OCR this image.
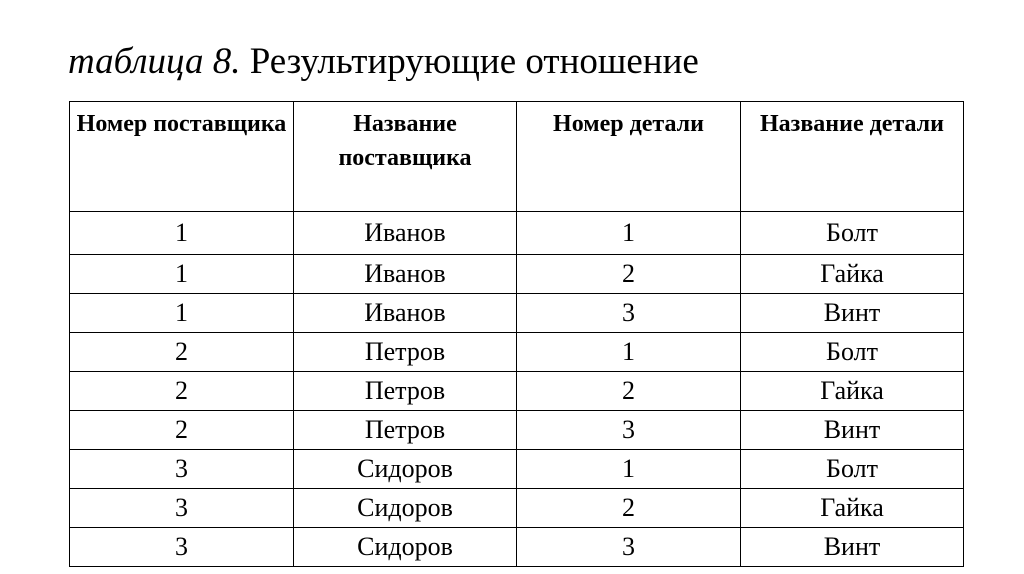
таблица 8. Результирующие отношение
Номер поставщика	Название поставщика	Номер детали	Название детали
1	Иванов	1	Болт
1	Иванов	2	Гайка
1	Иванов	3	Винт
2	Петров	1	Болт
2	Петров	2	Гайка
2	Петров	3	Винт
3	Сидоров	1	Болт
3	Сидоров	2	Гайка
3	Сидоров	3	Винт
